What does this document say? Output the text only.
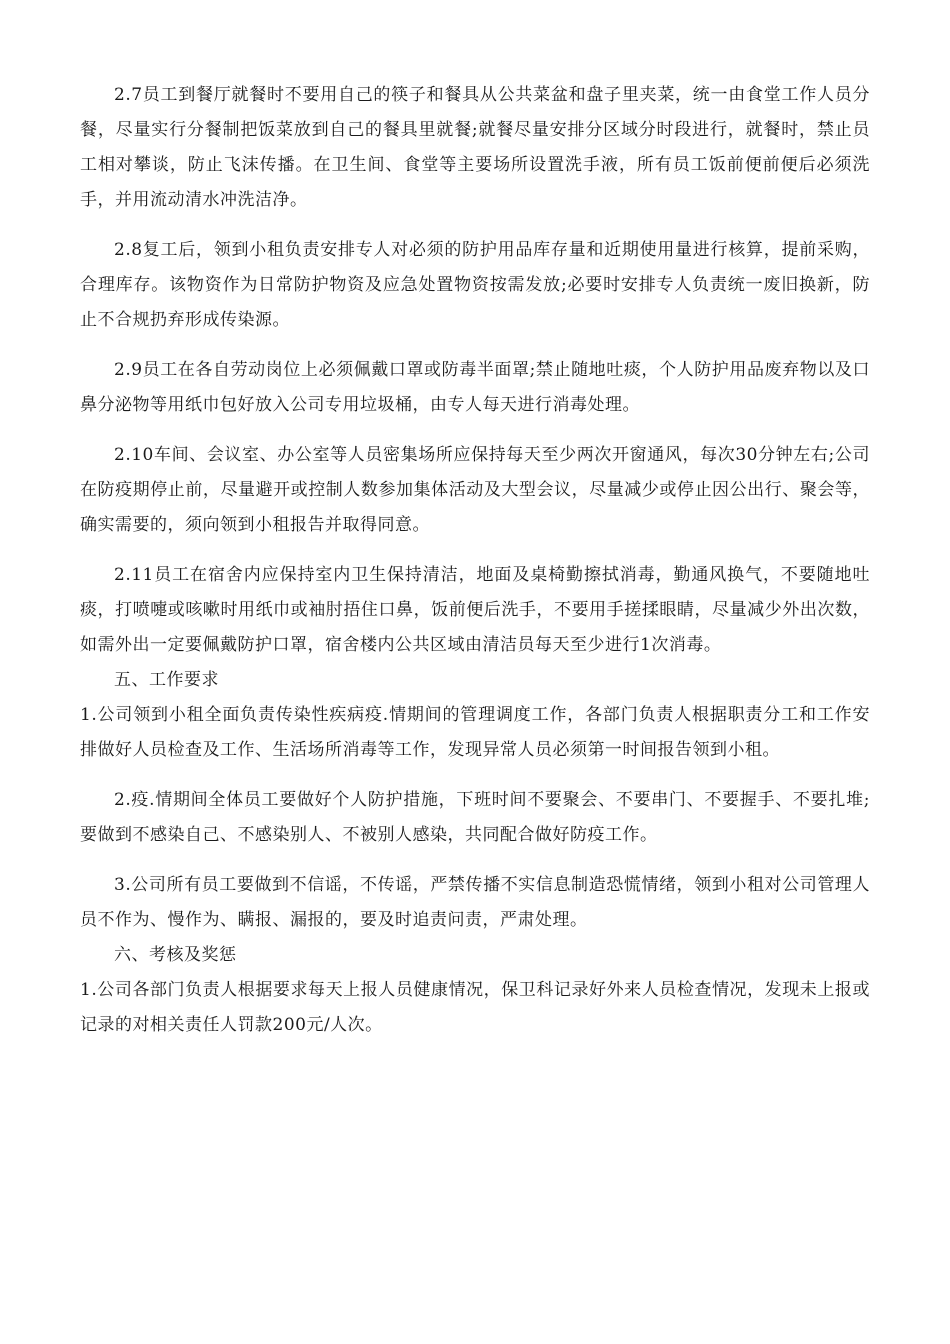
2.7员工到餐厅就餐时不要用自己的筷子和餐具从公共菜盆和盘子里夹菜，统一由食堂工作人员分餐，尽量实行分餐制把饭菜放到自己的餐具里就餐;就餐尽量安排分区域分时段进行，就餐时，禁止员工相对攀谈，防止飞沫传播。在卫生间、食堂等主要场所设置洗手液，所有员工饭前便前便后必须洗手，并用流动清水冲洗洁净。

2.8复工后，领到小租负责安排专人对必须的防护用品库存量和近期使用量进行核算，提前采购，合理库存。该物资作为日常防护物资及应急处置物资按需发放;必要时安排专人负责统一废旧换新，防止不合规扔弃形成传染源。

2.9员工在各自劳动岗位上必须佩戴口罩或防毒半面罩;禁止随地吐痰，个人防护用品废弃物以及口鼻分泌物等用纸巾包好放入公司专用垃圾桶，由专人每天进行消毒处理。

2.10车间、会议室、办公室等人员密集场所应保持每天至少两次开窗通风，每次30分钟左右;公司在防疫期停止前，尽量避开或控制人数参加集体活动及大型会议，尽量减少或停止因公出行、聚会等，确实需要的，须向领到小租报告并取得同意。

2.11员工在宿舍内应保持室内卫生保持清洁，地面及桌椅勤擦拭消毒，勤通风换气，不要随地吐痰，打喷嚏或咳嗽时用纸巾或袖肘捂住口鼻，饭前便后洗手，不要用手搓揉眼睛，尽量减少外出次数，如需外出一定要佩戴防护口罩，宿舍楼内公共区域由清洁员每天至少进行1次消毒。

五、工作要求

1.公司领到小租全面负责传染性疾病疫.情期间的管理调度工作，各部门负责人根据职责分工和工作安排做好人员检查及工作、生活场所消毒等工作，发现异常人员必须第一时间报告领到小租。

2.疫.情期间全体员工要做好个人防护措施，下班时间不要聚会、不要串门、不要握手、不要扎堆;要做到不感染自己、不感染别人、不被别人感染，共同配合做好防疫工作。

3.公司所有员工要做到不信谣，不传谣，严禁传播不实信息制造恐慌情绪，领到小租对公司管理人员不作为、慢作为、瞒报、漏报的，要及时追责问责，严肃处理。

六、考核及奖惩

1.公司各部门负责人根据要求每天上报人员健康情况，保卫科记录好外来人员检查情况，发现未上报或记录的对相关责任人罚款200元/人次。
